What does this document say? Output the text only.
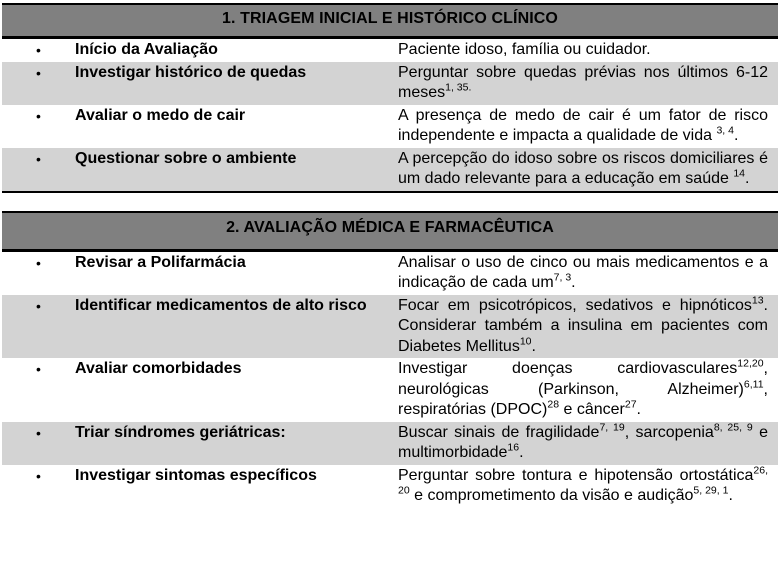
1. TRIAGEM INICIAL E HISTÓRICO CLÍNICO
•	Início da Avaliação	Paciente idoso, família ou cuidador.
•	Investigar histórico de quedas	Perguntar sobre quedas prévias nos últimos 6-12 meses$^{1, 35.}$
•	Avaliar o medo de cair	A presença de medo de cair é um fator de risco independente e impacta a qualidade de vida $^{3, 4}$.
•	Questionar sobre o ambiente	A percepção do idoso sobre os riscos domiciliares é um dado relevante para a educação em saúde $^{14}$.
2. AVALIAÇÃO MÉDICA E FARMACÊUTICA
•	Revisar a Polifarmácia	Analisar o uso de cinco ou mais medicamentos e a indicação de cada um$^{7, 3}$.
•	Identificar medicamentos de alto risco	Focar em psicotrópicos, sedativos e hipnóticos$^{13}$. Considerar também a insulina em pacientes com Diabetes Mellitus$^{10}$.
•	Avaliar comorbidades	Investigar doenças cardiovasculares$^{12,20}$, neurológicas (Parkinson, Alzheimer)$^{6,11}$, respiratórias (DPOC)$^{28}$ e câncer$^{27}$.
•	Triar síndromes geriátricas:	Buscar sinais de fragilidade$^{7, 19}$, sarcopenia$^{8, 25, 9}$ e multimorbidade$^{16}$.
•	Investigar sintomas específicos	Perguntar sobre tontura e hipotensão ortostática$^{26, 20}$ e comprometimento da visão e audição$^{5, 29, 1}$.
